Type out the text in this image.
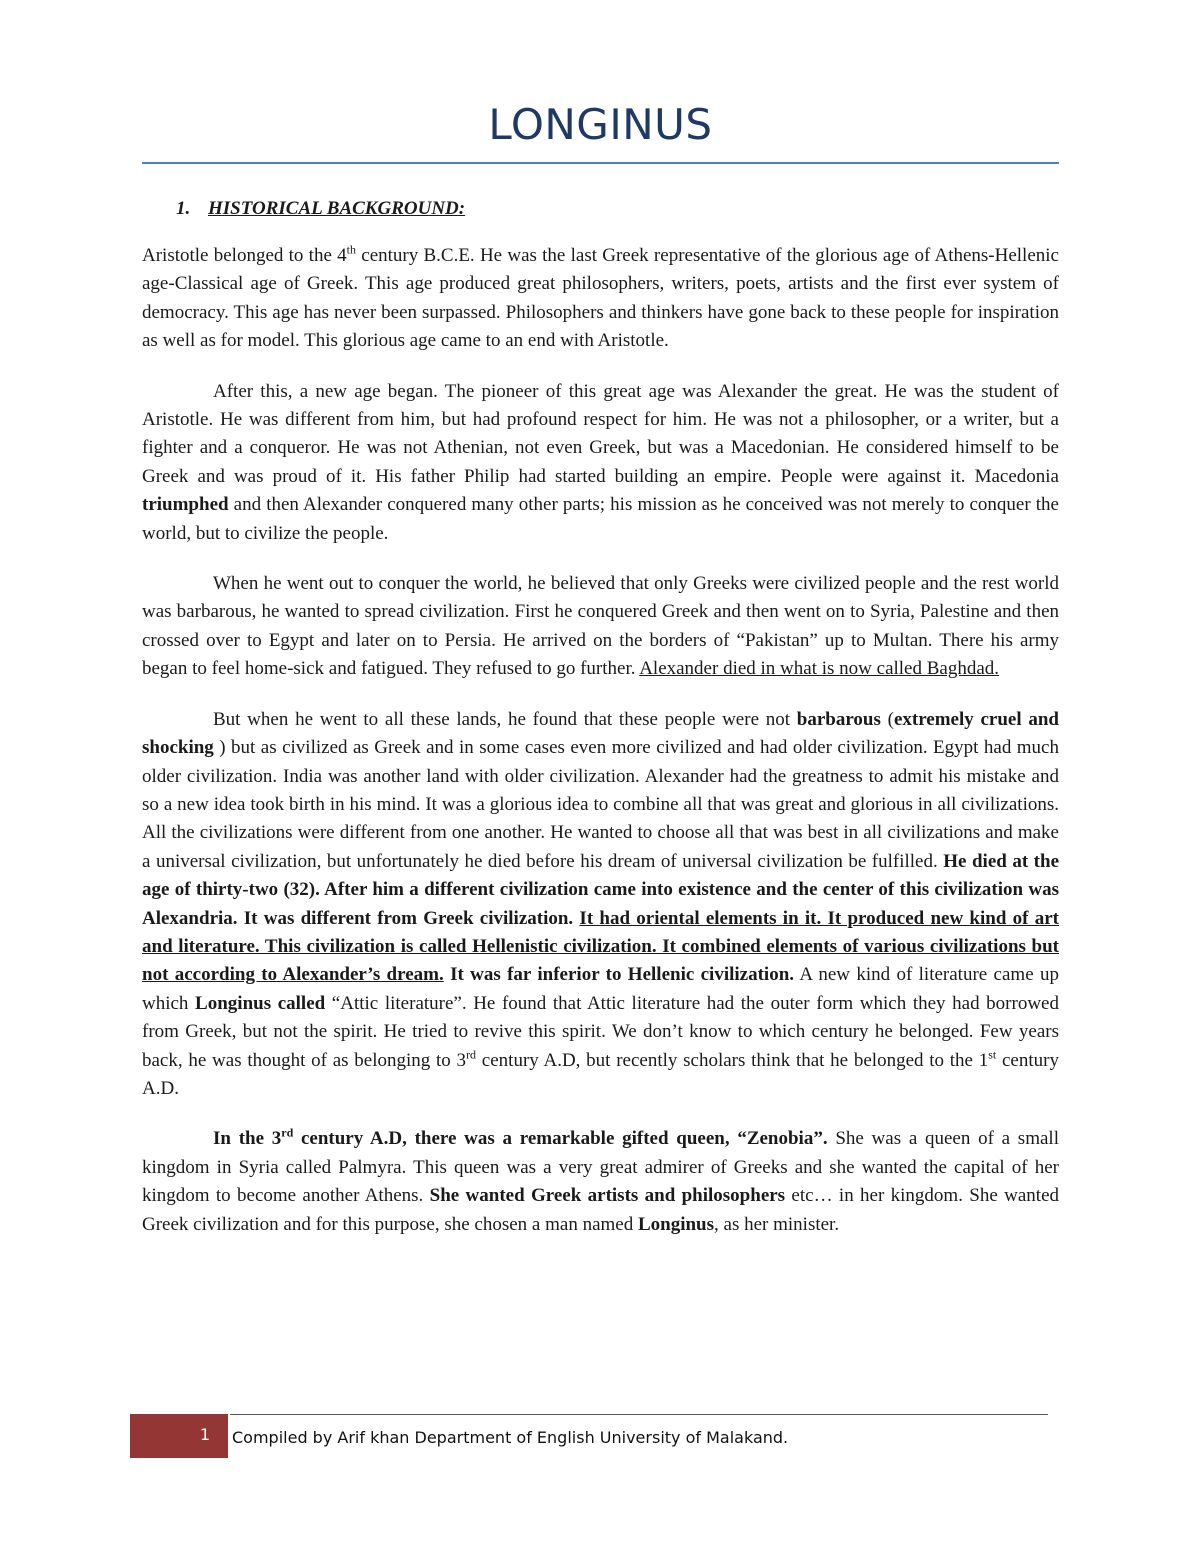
LONGINUS
1. HISTORICAL BACKGROUND:

Aristotle belonged to the 4th century B.C.E. He was the last Greek representative of the glorious age of Athens-Hellenic age-Classical age of Greek. This age produced great philosophers, writers, poets, artists and the first ever system of democracy. This age has never been surpassed. Philosophers and thinkers have gone back to these people for inspiration as well as for model. This glorious age came to an end with Aristotle.

After this, a new age began. The pioneer of this great age was Alexander the great. He was the student of Aristotle. He was different from him, but had profound respect for him. He was not a philosopher, or a writer, but a fighter and a conqueror. He was not Athenian, not even Greek, but was a Macedonian. He considered himself to be Greek and was proud of it. His father Philip had started building an empire. People were against it. Macedonia triumphed and then Alexander conquered many other parts; his mission as he conceived was not merely to conquer the world, but to civilize the people.

When he went out to conquer the world, he believed that only Greeks were civilized people and the rest world was barbarous, he wanted to spread civilization. First he conquered Greek and then went on to Syria, Palestine and then crossed over to Egypt and later on to Persia. He arrived on the borders of “Pakistan” up to Multan. There his army began to feel home-sick and fatigued. They refused to go further. Alexander died in what is now called Baghdad.

But when he went to all these lands, he found that these people were not barbarous (extremely cruel and shocking ) but as civilized as Greek and in some cases even more civilized and had older civilization. Egypt had much older civilization. India was another land with older civilization. Alexander had the greatness to admit his mistake and so a new idea took birth in his mind. It was a glorious idea to combine all that was great and glorious in all civilizations. All the civilizations were different from one another. He wanted to choose all that was best in all civilizations and make a universal civilization, but unfortunately he died before his dream of universal civilization be fulfilled. He died at the age of thirty-two (32). After him a different civilization came into existence and the center of this civilization was Alexandria. It was different from Greek civilization. It had oriental elements in it. It produced new kind of art and literature. This civilization is called Hellenistic civilization. It combined elements of various civilizations but not according to Alexander’s dream. It was far inferior to Hellenic civilization. A new kind of literature came up which Longinus called “Attic literature”. He found that Attic literature had the outer form which they had borrowed from Greek, but not the spirit. He tried to revive this spirit. We don’t know to which century he belonged. Few years back, he was thought of as belonging to 3rd century A.D, but recently scholars think that he belonged to the 1st century A.D.

In the 3rd century A.D, there was a remarkable gifted queen, “Zenobia”. She was a queen of a small kingdom in Syria called Palmyra. This queen was a very great admirer of Greeks and she wanted the capital of her kingdom to become another Athens. She wanted Greek artists and philosophers etc… in her kingdom. She wanted Greek civilization and for this purpose, she chosen a man named Longinus, as her minister.

1 Compiled by Arif khan Department of English University of Malakand.
